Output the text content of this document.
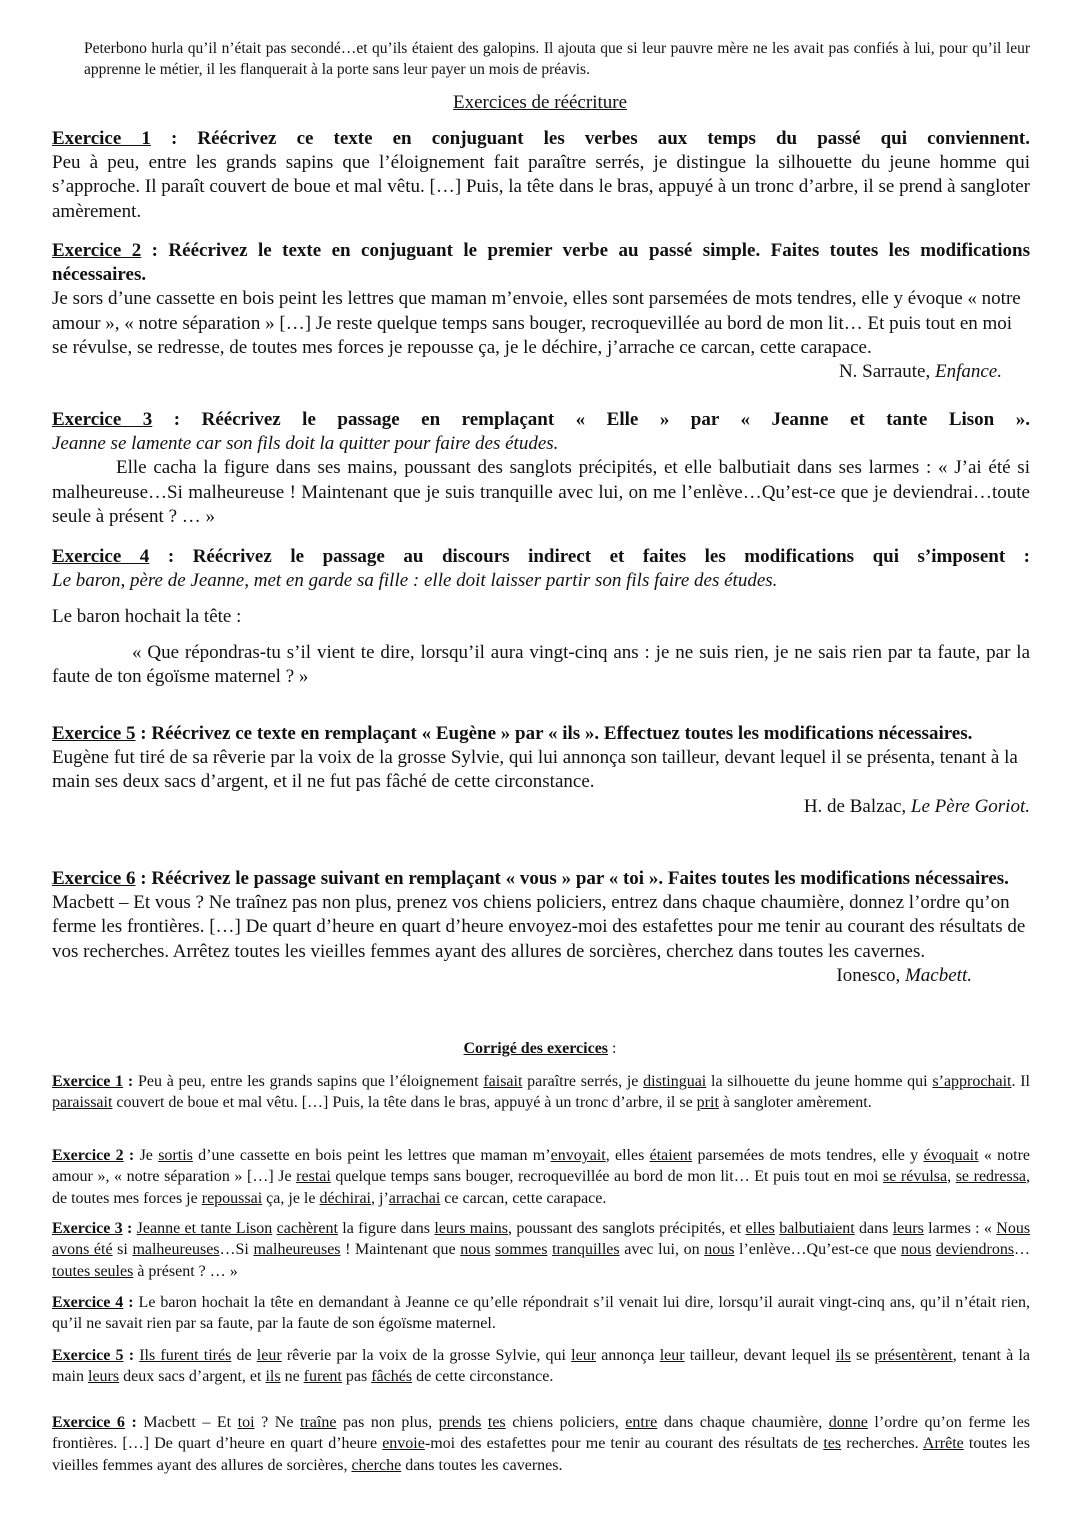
Peterbono hurla qu’il n’était pas secondé…et qu’ils étaient des galopins. Il ajouta que si leur pauvre mère ne les avait pas confiés à lui, pour qu’il leur apprenne le métier, il les flanquerait à la porte sans leur payer un mois de préavis.
Exercices de réécriture
Exercice 1 : Réécrivez ce texte en conjuguant les verbes aux temps du passé qui conviennent.

Peu à peu, entre les grands sapins que l’éloignement fait paraître serrés, je distingue la silhouette du jeune homme qui s’approche. Il paraît couvert de boue et mal vêtu. […] Puis, la tête dans le bras, appuyé à un tronc d’arbre, il se prend à sangloter amèrement.

Exercice 2 : Réécrivez le texte en conjuguant le premier verbe au passé simple. Faites toutes les modifications nécessaires.

Je sors d’une cassette en bois peint les lettres que maman m’envoie, elles sont parsemées de mots tendres, elle y évoque « notre amour », « notre séparation » […] Je reste quelque temps sans bouger, recroquevillée au bord de mon lit… Et puis tout en moi se révulse, se redresse, de toutes mes forces je repousse ça, je le déchire, j’arrache ce carcan, cette carapace.
N. Sarraute, Enfance.

Exercice 3 : Réécrivez le passage en remplaçant « Elle » par « Jeanne et tante Lison ».
Jeanne se lamente car son fils doit la quitter pour faire des études.

Elle cacha la figure dans ses mains, poussant des sanglots précipités, et elle balbutiait dans ses larmes : « J’ai été si malheureuse…Si malheureuse ! Maintenant que je suis tranquille avec lui, on me l’enlève…Qu’est-ce que je deviendrai…toute seule à présent ? … »

Exercice 4 : Réécrivez le passage au discours indirect et faites les modifications qui s’imposent :
Le baron, père de Jeanne, met en garde sa fille : elle doit laisser partir son fils faire des études.

Le baron hochait la tête :

« Que répondras-tu s’il vient te dire, lorsqu’il aura vingt-cinq ans : je ne suis rien, je ne sais rien par ta faute, par la faute de ton égoïsme maternel ? »

Exercice 5 : Réécrivez ce texte en remplaçant « Eugène » par « ils ». Effectuez toutes les modifications nécessaires.

Eugène fut tiré de sa rêverie par la voix de la grosse Sylvie, qui lui annonça son tailleur, devant lequel il se présenta, tenant à la main ses deux sacs d’argent, et il ne fut pas fâché de cette circonstance.

H. de Balzac, Le Père Goriot.

Exercice 6 : Réécrivez le passage suivant en remplaçant « vous » par « toi ». Faites toutes les modifications nécessaires.

Macbett – Et vous ? Ne traînez pas non plus, prenez vos chiens policiers, entrez dans chaque chaumière, donnez l’ordre qu’on ferme les frontières. […] De quart d’heure en quart d’heure envoyez-moi des estafettes pour me tenir au courant des résultats de vos recherches. Arrêtez toutes les vieilles femmes ayant des allures de sorcières, cherchez dans toutes les cavernes.
Ionesco, Macbett.

Corrigé des exercices :
Exercice 1 : Peu à peu, entre les grands sapins que l’éloignement faisait paraître serrés, je distinguai la silhouette du jeune homme qui s’approchait. Il paraissait couvert de boue et mal vêtu. […] Puis, la tête dans le bras, appuyé à un tronc d’arbre, il se prit à sangloter amèrement.
Exercice 2 : Je sortis d’une cassette en bois peint les lettres que maman m’envoyait, elles étaient parsemées de mots tendres, elle y évoquait « notre amour », « notre séparation » […] Je restai quelque temps sans bouger, recroquevillée au bord de mon lit… Et puis tout en moi se révulsa, se redressa, de toutes mes forces je repoussai ça, je le déchirai, j’arrachai ce carcan, cette carapace.
Exercice 3 : Jeanne et tante Lison cachèrent la figure dans leurs mains, poussant des sanglots précipités, et elles balbutiaient dans leurs larmes : « Nous avons été si malheureuses…Si malheureuses ! Maintenant que nous sommes tranquilles avec lui, on nous l’enlève…Qu’est-ce que nous deviendrons…toutes seules à présent ? … »
Exercice 4 : Le baron hochait la tête en demandant à Jeanne ce qu’elle répondrait s’il venait lui dire, lorsqu’il aurait vingt-cinq ans, qu’il n’était rien, qu’il ne savait rien par sa faute, par la faute de son égoïsme maternel.
Exercice 5 : Ils furent tirés de leur rêverie par la voix de la grosse Sylvie, qui leur annonça leur tailleur, devant lequel ils se présentèrent, tenant à la main leurs deux sacs d’argent, et ils ne furent pas fâchés de cette circonstance.
Exercice 6 : Macbett – Et toi ? Ne traîne pas non plus, prends tes chiens policiers, entre dans chaque chaumière, donne l’ordre qu’on ferme les frontières. […] De quart d’heure en quart d’heure envoie-moi des estafettes pour me tenir au courant des résultats de tes recherches. Arrête toutes les vieilles femmes ayant des allures de sorcières, cherche dans toutes les cavernes.
